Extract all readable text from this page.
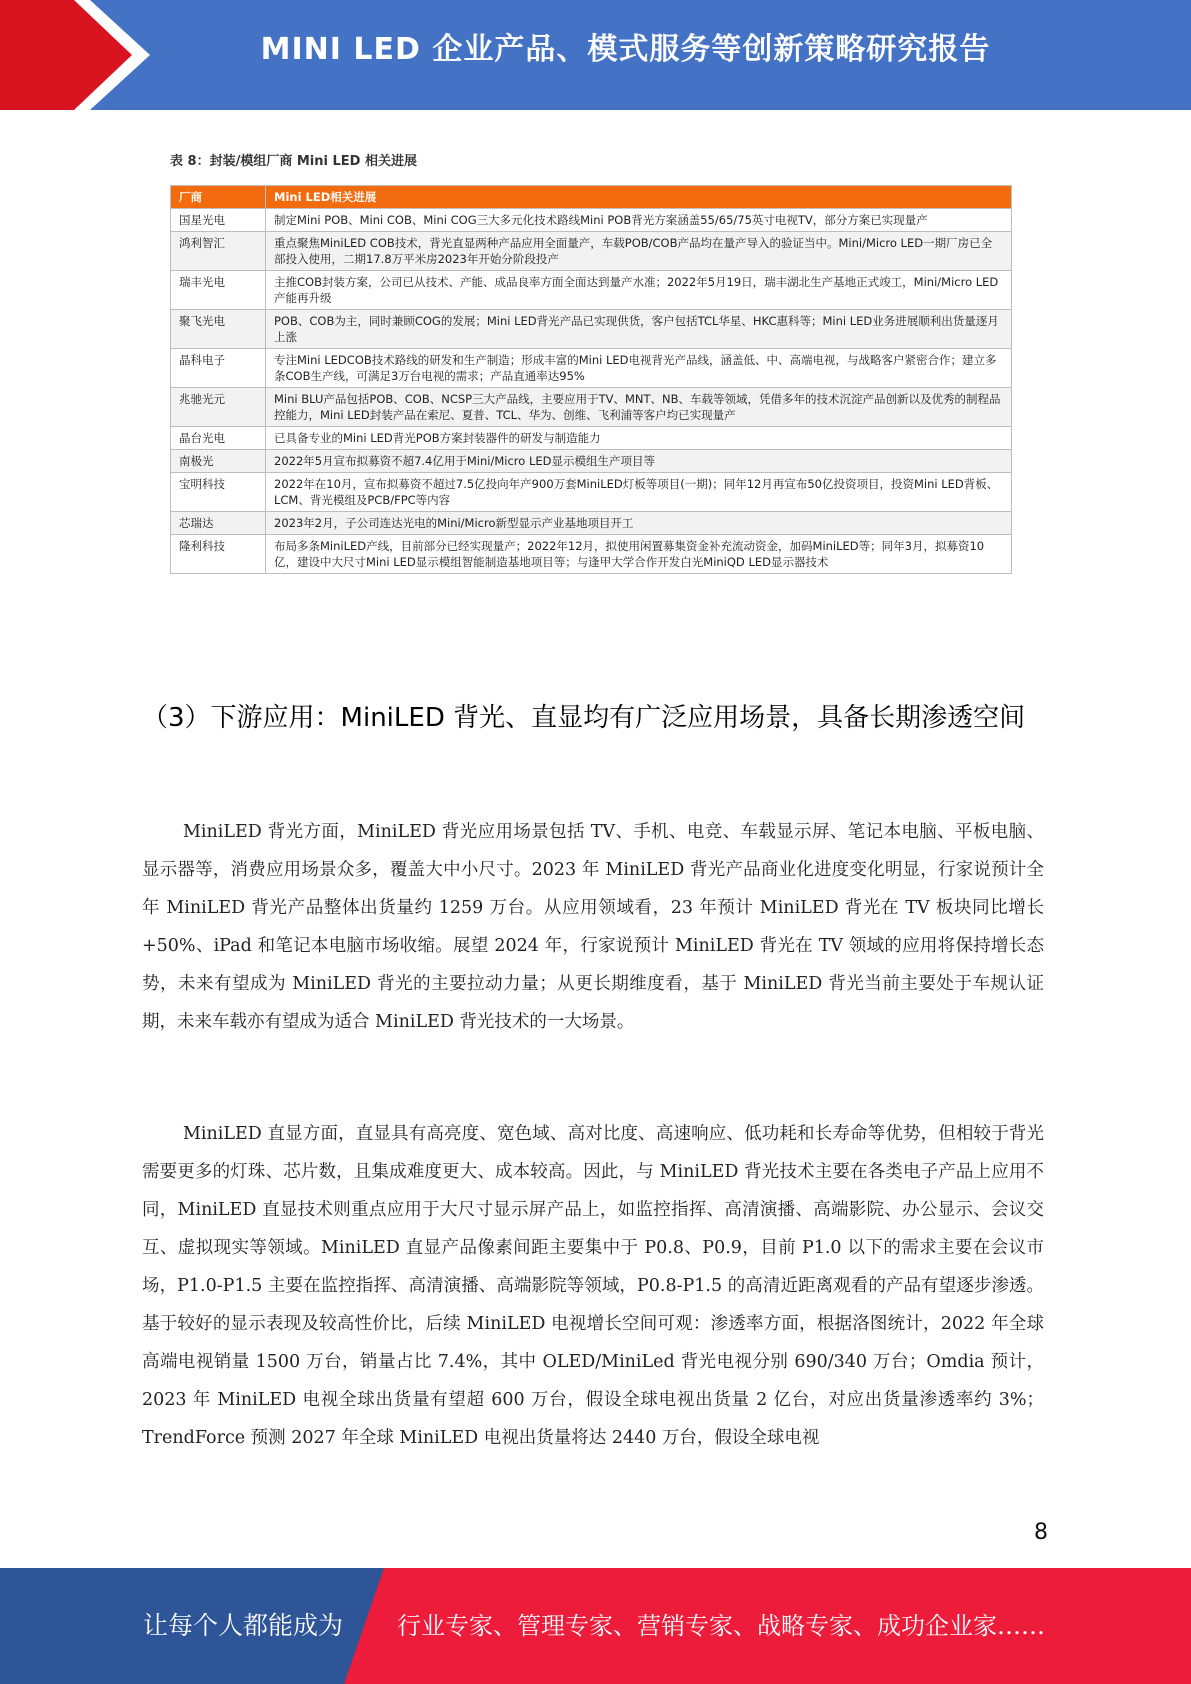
MINI LED 企业产品、模式服务等创新策略研究报告
表 8：封装/模组厂商 Mini LED 相关进展
厂商	Mini LED相关进展
国星光电	制定Mini POB、Mini COB、Mini COG三大多元化技术路线Mini POB背光方案涵盖55/65/75英寸电视TV，部分方案已实现量产
鸿利智汇	重点聚焦MiniLED COB技术，背光直显两种产品应用全面量产，车载POB/COB产品均在量产导入的验证当中。Mini/Micro LED一期厂房已全部投入使用，二期17.8万平米房2023年开始分阶段投产
瑞丰光电	主推COB封装方案，公司已从技术、产能、成品良率方面全面达到量产水准；2022年5月19日，瑞丰湖北生产基地正式竣工，Mini/Micro LED产能再升级
聚飞光电	POB、COB为主，同时兼顾COG的发展；Mini LED背光产品已实现供货，客户包括TCL华星、HKC惠科等；Mini LED业务进展顺利出货量逐月上涨
晶科电子	专注Mini LEDCOB技术路线的研发和生产制造；形成丰富的Mini LED电视背光产品线，涵盖低、中、高端电视，与战略客户紧密合作；建立多条COB生产线，可满足3万台电视的需求；产品直通率达95%
兆驰光元	Mini BLU产品包括POB、COB、NCSP三大产品线，主要应用于TV、MNT、NB、车载等领域，凭借多年的技术沉淀产品创新以及优秀的制程品控能力，Mini LED封装产品在索尼、夏普、TCL、华为、创维、飞利浦等客户均已实现量产
晶台光电	已具备专业的Mini LED背光POB方案封装器件的研发与制造能力
南极光	2022年5月宣布拟募资不超7.4亿用于Mini/Micro LED显示模组生产项目等
宝明科技	2022年在10月，宣布拟募资不超过7.5亿投向年产900万套MiniLED灯板等项目(一期)；同年12月再宣布50亿投资项目，投资Mini LED背板、LCM、背光模组及PCB/FPC等内容
芯瑞达	2023年2月，子公司连达光电的Mini/Micro新型显示产业基地项目开工
隆利科技	布局多条MiniLED产线，目前部分已经实现量产；2022年12月，拟使用闲置募集资金补充流动资金，加码MiniLED等；同年3月，拟募资10亿，建设中大尺寸Mini LED显示模组智能制造基地项目等；与逢甲大学合作开发白光MiniQD LED显示器技术
（3）下游应用：MiniLED 背光、直显均有广泛应用场景，具备长期渗透空间

MiniLED 背光方面，MiniLED 背光应用场景包括 TV、手机、电竞、车载显示屏、笔记本电脑、平板电脑、显示器等，消费应用场景众多，覆盖大中小尺寸。2023 年 MiniLED 背光产品商业化进度变化明显，行家说预计全年 MiniLED 背光产品整体出货量约 1259 万台。从应用领域看，23 年预计 MiniLED 背光在 TV 板块同比增长+50%、iPad 和笔记本电脑市场收缩。展望 2024 年，行家说预计 MiniLED 背光在 TV 领域的应用将保持增长态势，未来有望成为 MiniLED 背光的主要拉动力量；从更长期维度看，基于 MiniLED 背光当前主要处于车规认证期，未来车载亦有望成为适合 MiniLED 背光技术的一大场景。

MiniLED 直显方面，直显具有高亮度、宽色域、高对比度、高速响应、低功耗和长寿命等优势，但相较于背光需要更多的灯珠、芯片数，且集成难度更大、成本较高。因此，与 MiniLED 背光技术主要在各类电子产品上应用不同，MiniLED 直显技术则重点应用于大尺寸显示屏产品上，如监控指挥、高清演播、高端影院、办公显示、会议交互、虚拟现实等领域。MiniLED 直显产品像素间距主要集中于 P0.8、P0.9，目前 P1.0 以下的需求主要在会议市场，P1.0-P1.5 主要在监控指挥、高清演播、高端影院等领域，P0.8-P1.5 的高清近距离观看的产品有望逐步渗透。基于较好的显示表现及较高性价比，后续 MiniLED 电视增长空间可观：渗透率方面，根据洛图统计，2022 年全球高端电视销量 1500 万台，销量占比 7.4%，其中 OLED/MiniLed 背光电视分别 690/340 万台；Omdia 预计，2023 年 MiniLED 电视全球出货量有望超 600 万台，假设全球电视出货量 2 亿台，对应出货量渗透率约 3%；TrendForce 预测 2027 年全球 MiniLED 电视出货量将达 2440 万台，假设全球电视

8
让每个人都能成为 行业专家、管理专家、营销专家、战略专家、成功企业家……
